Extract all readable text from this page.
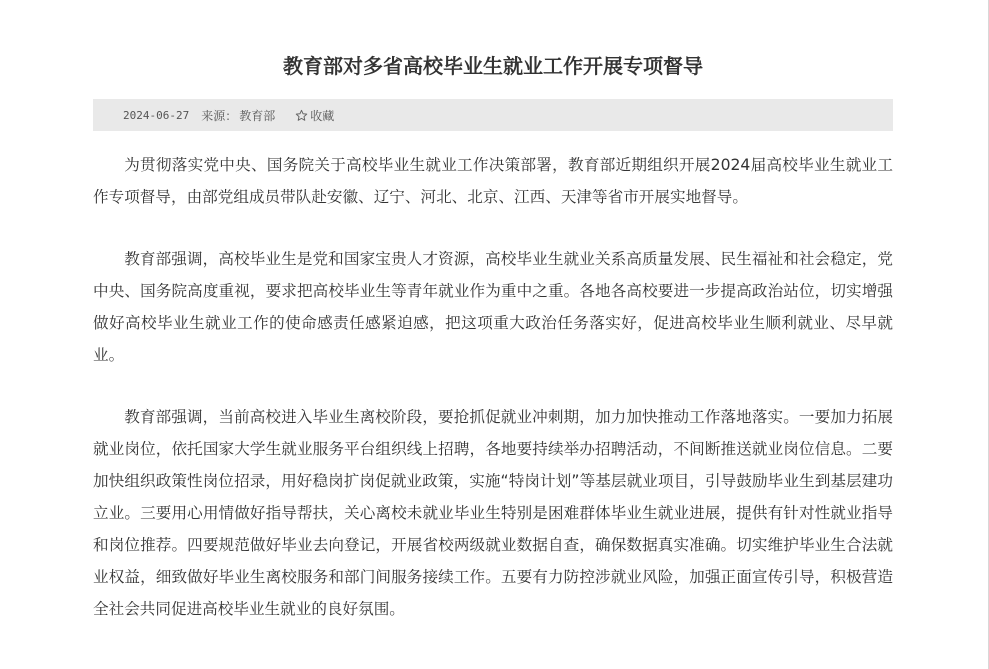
教育部对多省高校毕业生就业工作开展专项督导
2024-06-27 来源： 教育部	收藏

为贯彻落实党中央、国务院关于高校毕业生就业工作决策部署，教育部近期组织开展2024届高校毕业生就业工作专项督导，由部党组成员带队赴安徽、辽宁、河北、北京、江西、天津等省市开展实地督导。

教育部强调，高校毕业生是党和国家宝贵人才资源，高校毕业生就业关系高质量发展、民生福祉和社会稳定，党中央、国务院高度重视，要求把高校毕业生等青年就业作为重中之重。各地各高校要进一步提高政治站位，切实增强做好高校毕业生就业工作的使命感责任感紧迫感，把这项重大政治任务落实好，促进高校毕业生顺利就业、尽早就业。

教育部强调，当前高校进入毕业生离校阶段，要抢抓促就业冲刺期，加力加快推动工作落地落实。一要加力拓展就业岗位，依托国家大学生就业服务平台组织线上招聘，各地要持续举办招聘活动，不间断推送就业岗位信息。二要加快组织政策性岗位招录，用好稳岗扩岗促就业政策，实施“特岗计划”等基层就业项目，引导鼓励毕业生到基层建功立业。三要用心用情做好指导帮扶，关心离校未就业毕业生特别是困难群体毕业生就业进展，提供有针对性就业指导和岗位推荐。四要规范做好毕业去向登记，开展省校两级就业数据自查，确保数据真实准确。切实维护毕业生合法就业权益，细致做好毕业生离校服务和部门间服务接续工作。五要有力防控涉就业风险，加强正面宣传引导，积极营造全社会共同促进高校毕业生就业的良好氛围。
